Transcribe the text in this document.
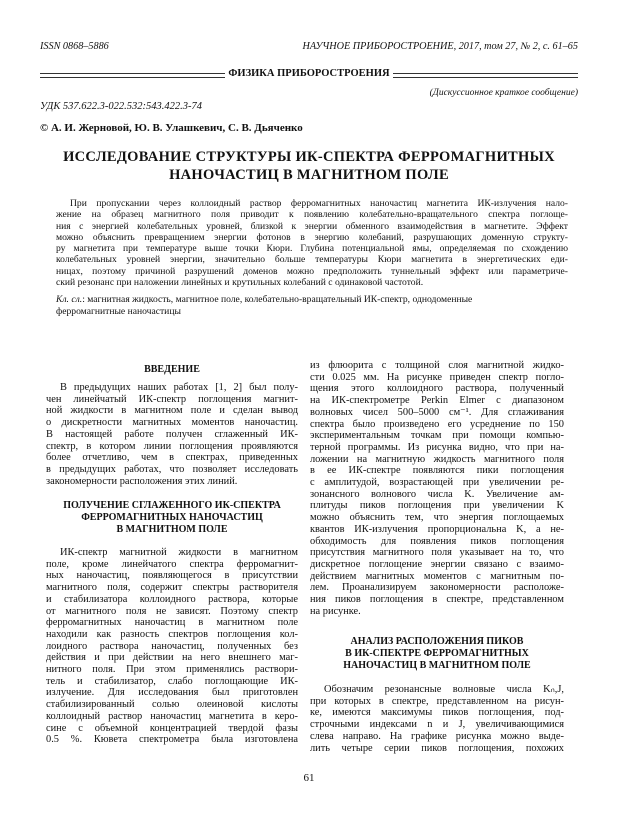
ISSN 0868–5886	НАУЧНОЕ ПРИБОРОСТРОЕНИЕ, 2017, том 27, № 2, с. 61–65
ФИЗИКА ПРИБОРОСТРОЕНИЯ
(Дискуссионное краткое сообщение)
УДК 537.622.3-022.532:543.422.3-74
© А. И. Жерновой, Ю. В. Улашкевич, С. В. Дьяченко
ИССЛЕДОВАНИЕ СТРУКТУРЫ ИК-СПЕКТРА ФЕРРОМАГНИТНЫХ
НАНОЧАСТИЦ В МАГНИТНОМ ПОЛЕ
При пропускании через коллоидный раствор ферромагнитных наночастиц магнетита ИК-излучения нало-
жение на образец магнитного поля приводит к появлению колебательно-вращательного спектра поглоще-
ния с энергией колебательных уровней, близкой к энергии обменного взаимодействия в магнетите. Эффект
можно объяснить превращением энергии фотонов в энергию колебаний, разрушающих доменную структу-
ру магнетита при температуре выше точки Кюри. Глубина потенциальной ямы, определяемая по схождению
колебательных уровней энергии, значительно больше температуры Кюри магнетита в энергетических еди-
ницах, поэтому причиной разрушений доменов можно предположить туннельный эффект или параметриче-
ский резонанс при наложении линейных и крутильных колебаний с одинаковой частотой.
Кл. сл.: магнитная жидкость, магнитное поле, колебательно-вращательный ИК-спектр, однодоменные
ферромагнитные наночастицы
ВВЕДЕНИЕ
В предыдущих наших работах [1, 2] был полу-
чен линейчатый ИК-спектр поглощения магнит-
ной жидкости в магнитном поле и сделан вывод
о дискретности магнитных моментов наночастиц.
В настоящей работе получен сглаженный ИК-
спектр, в котором линии поглощения проявляются
более отчетливо, чем в спектрах, приведенных
в предыдущих работах, что позволяет исследовать
закономерности расположения этих линий.
ПОЛУЧЕНИЕ СГЛАЖЕННОГО ИК-СПЕКТРА
ФЕРРОМАГНИТНЫХ НАНОЧАСТИЦ
В МАГНИТНОМ ПОЛЕ
ИК-спектр магнитной жидкости в магнитном
поле, кроме линейчатого спектра ферромагнит-
ных наночастиц, появляющегося в присутствии
магнитного поля, содержит спектры растворителя
и стабилизатора коллоидного раствора, которые
от магнитного поля не зависят. Поэтому спектр
ферромагнитных наночастиц в магнитном поле
находили как разность спектров поглощения кол-
лоидного раствора наночастиц, полученных без
действия и при действии на него внешнего маг-
нитного поля. При этом применялись раствори-
тель и стабилизатор, слабо поглощающие ИК-
излучение. Для исследования был приготовлен
стабилизированный солью олеиновой кислоты
коллоидный раствор наночастиц магнетита в керо-
сине с объемной концентрацией твердой фазы
0.5 %. Кювета спектрометра была изготовлена
из флюорита с толщиной слоя магнитной жидко-
сти 0.025 мм. На рисунке приведен спектр погло-
щения этого коллоидного раствора, полученный
на ИК-спектрометре Perkin Elmer с диапазоном
волновых чисел 500–5000 см⁻¹. Для сглаживания
спектра было произведено его усреднение по 150
экспериментальным точкам при помощи компью-
терной программы. Из рисунка видно, что при на-
ложении на магнитную жидкость магнитного поля
в ее ИК-спектре появляются пики поглощения
с амплитудой, возрастающей при увеличении ре-
зонансного волнового числа K. Увеличение ам-
плитуды пиков поглощения при увеличении K
можно объяснить тем, что энергия поглощаемых
квантов ИК-излучения пропорциональна K, а не-
обходимость для появления пиков поглощения
присутствия магнитного поля указывает на то, что
дискретное поглощение энергии связано с взаимо-
действием магнитных моментов с магнитным по-
лем. Проанализируем закономерности расположе-
ния пиков поглощения в спектре, представленном
на рисунке.
АНАЛИЗ РАСПОЛОЖЕНИЯ ПИКОВ
В ИК-СПЕКТРЕ ФЕРРОМАГНИТНЫХ
НАНОЧАСТИЦ В МАГНИТНОМ ПОЛЕ
Обозначим резонансные волновые числа Kₙ,J,
при которых в спектре, представленном на рисун-
ке, имеются максимумы пиков поглощения, под-
строчными индексами n и J, увеличивающимися
слева направо. На графике рисунка можно выде-
лить четыре серии пиков поглощения, похожих
61
